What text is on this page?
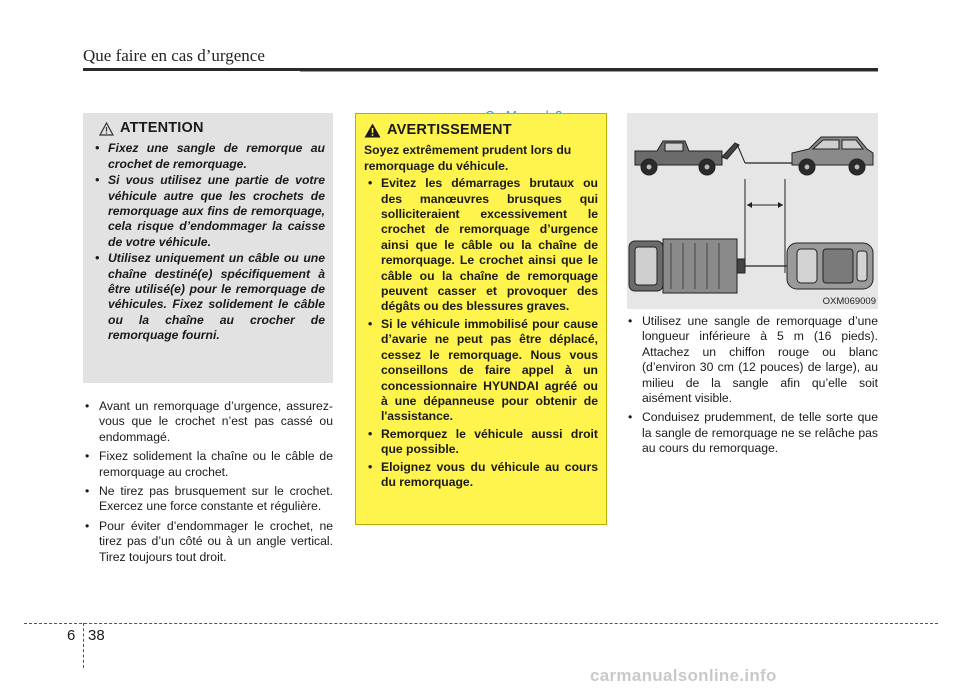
Que faire en cas d’urgence
ATTENTION
• Fixez une sangle de remorque au crochet de remorquage.
• Si vous utilisez une partie de votre véhicule autre que les crochets de remorquage aux fins de remorquage, cela risque d’endommager la caisse de votre véhicule.
• Utilisez uniquement un câble ou une chaîne destiné(e) spécifiquement à être utilisé(e) pour le remorquage de véhicules. Fixez solidement le câble ou la chaîne au crocher de remorquage fourni.
• Avant un remorquage d’urgence, assurez-vous que le crochet n’est pas cassé ou endommagé.
• Fixez solidement la chaîne ou le câble de remorquage au crochet.
• Ne tirez pas brusquement sur le crochet. Exercez une force constante et régulière.
• Pour éviter d’endommager le crochet, ne tirez pas d’un côté ou à un angle vertical. Tirez toujours tout droit.
AVERTISSEMENT
Soyez extrêmement prudent lors du remorquage du véhicule.
• Evitez les démarrages brutaux ou des manœuvres brusques qui solliciteraient excessivement le crochet de remorquage d’urgence ainsi que le câble ou la chaîne de remorquage. Le crochet ainsi que le câble ou la chaîne de remorquage peuvent casser et provoquer des dégâts ou des blessures graves.
• Si le véhicule immobilisé pour cause d’avarie ne peut pas être déplacé, cessez le remorquage. Nous vous conseillons de faire appel à un concessionnaire HYUNDAI agréé ou à une dépanneuse pour obtenir de l'assistance.
• Remorquez le véhicule aussi droit que possible.
• Eloignez vous du véhicule au cours du remorquage.
OXM069009
• Utilisez une sangle de remorquage d’une longueur inférieure à 5 m (16 pieds). Attachez un chiffon rouge ou blanc (d’environ 30 cm (12 pouces) de large), au milieu de la sangle afin qu’elle soit aisément visible.
• Conduisez prudemment, de telle sorte que la sangle de remorquage ne se relâche pas au cours du remorquage.
6 38
carmanualsonline.info
